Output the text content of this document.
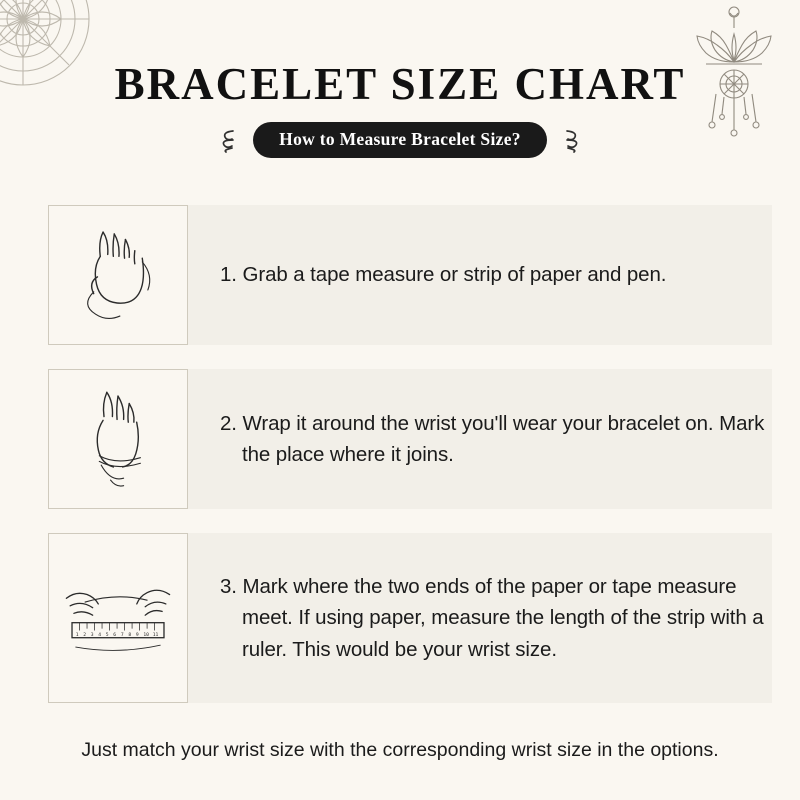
BRACELET SIZE CHART
How to Measure Bracelet Size?

1. Grab a tape measure or strip of paper and pen.

2. Wrap it around the wrist you'll wear your bracelet on. Mark the place where it joins.

1 2 3 4 5 6 7 8 9 10 11

3. Mark where the two ends of the paper or tape measure meet. If using paper, measure the length of the strip with a ruler. This would be your wrist size.

Just match your wrist size with the corresponding wrist size in the options.
